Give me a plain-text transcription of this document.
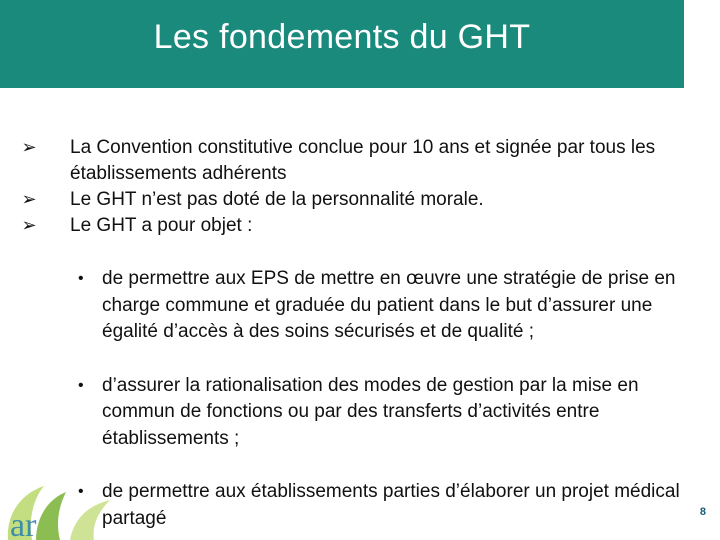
Les fondements du GHT
➢ La Convention constitutive conclue pour 10 ans et signée par tous les établissements adhérents
➢ Le GHT n’est pas doté de la personnalité morale.
➢ Le GHT a pour objet :
• de permettre aux EPS de mettre en œuvre une stratégie de prise en charge commune et graduée du patient dans le but d’assurer une égalité d’accès à des soins sécurisés et de qualité ;
• d’assurer la rationalisation des modes de gestion par la mise en commun de fonctions ou par des transferts d’activités entre établissements ;
• de permettre aux établissements parties d’élaborer un projet médical partagé
ar	8
